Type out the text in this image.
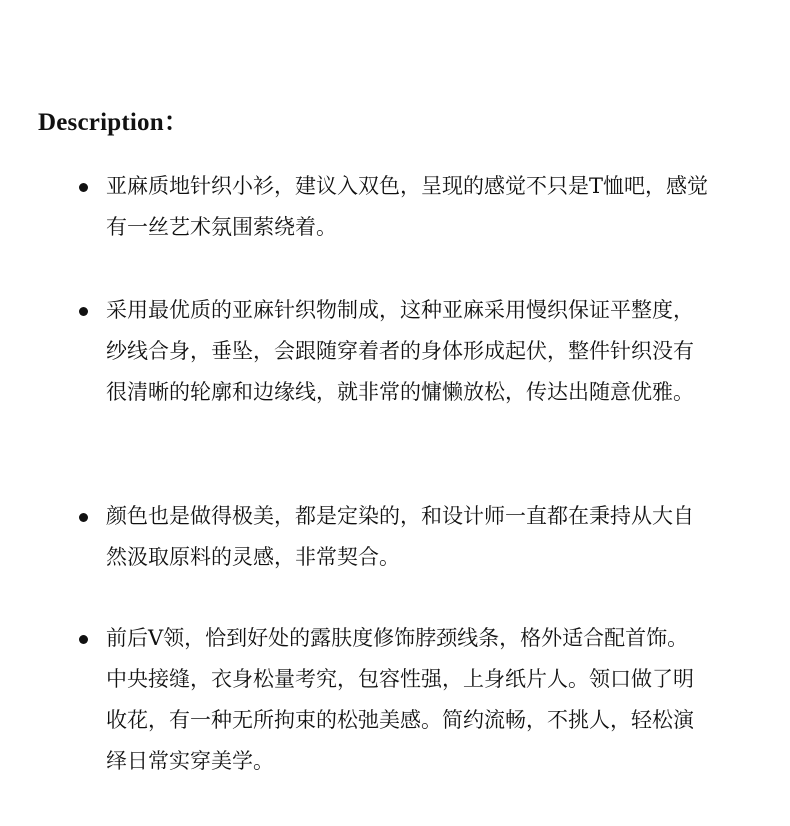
Description：
亚麻质地针织小衫，建议入双色，呈现的感觉不只是T恤吧，感觉有一丝艺术氛围萦绕着。
采用最优质的亚麻针织物制成，这种亚麻采用慢织保证平整度，纱线合身，垂坠，会跟随穿着者的身体形成起伏，整件针织没有很清晰的轮廓和边缘线，就非常的慵懒放松，传达出随意优雅。
颜色也是做得极美，都是定染的，和设计师一直都在秉持从大自然汲取原料的灵感，非常契合。
前后V领，恰到好处的露肤度修饰脖颈线条，格外适合配首饰。中央接缝，衣身松量考究，包容性强，上身纸片人。领口做了明收花，有一种无所拘束的松弛美感。简约流畅，不挑人，轻松演绎日常实穿美学。
